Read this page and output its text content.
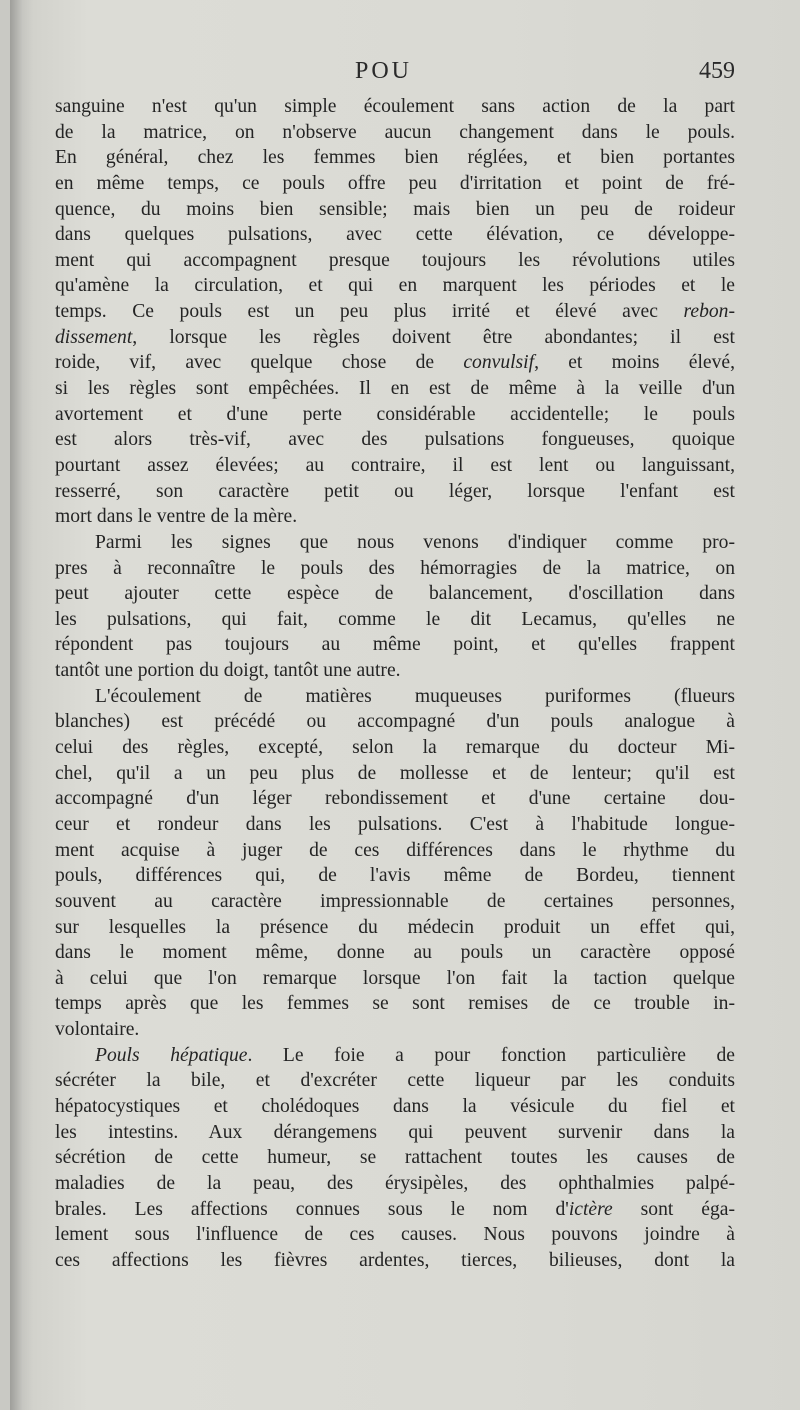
POU	459
sanguine n'est qu'un simple écoulement sans action de la part
de la matrice, on n'observe aucun changement dans le pouls.
En général, chez les femmes bien réglées, et bien portantes
en même temps, ce pouls offre peu d'irritation et point de fré-
quence, du moins bien sensible; mais bien un peu de roideur
dans quelques pulsations, avec cette élévation, ce développe-
ment qui accompagnent presque toujours les révolutions utiles
qu'amène la circulation, et qui en marquent les périodes et le
temps. Ce pouls est un peu plus irrité et élevé avec rebon-
dissement, lorsque les règles doivent être abondantes; il est
roide, vif, avec quelque chose de convulsif, et moins élevé,
si les règles sont empêchées. Il en est de même à la veille d'un
avortement et d'une perte considérable accidentelle; le pouls
est alors très-vif, avec des pulsations fongueuses, quoique
pourtant assez élevées; au contraire, il est lent ou languissant,
resserré, son caractère petit ou léger, lorsque l'enfant est
mort dans le ventre de la mère.
Parmi les signes que nous venons d'indiquer comme pro-
pres à reconnaître le pouls des hémorragies de la matrice, on
peut ajouter cette espèce de balancement, d'oscillation dans
les pulsations, qui fait, comme le dit Lecamus, qu'elles ne
répondent pas toujours au même point, et qu'elles frappent
tantôt une portion du doigt, tantôt une autre.
L'écoulement de matières muqueuses puriformes (flueurs
blanches) est précédé ou accompagné d'un pouls analogue à
celui des règles, excepté, selon la remarque du docteur Mi-
chel, qu'il a un peu plus de mollesse et de lenteur; qu'il est
accompagné d'un léger rebondissement et d'une certaine dou-
ceur et rondeur dans les pulsations. C'est à l'habitude longue-
ment acquise à juger de ces différences dans le rhythme du
pouls, différences qui, de l'avis même de Bordeu, tiennent
souvent au caractère impressionnable de certaines personnes,
sur lesquelles la présence du médecin produit un effet qui,
dans le moment même, donne au pouls un caractère opposé
à celui que l'on remarque lorsque l'on fait la taction quelque
temps après que les femmes se sont remises de ce trouble in-
volontaire.
Pouls hépatique. Le foie a pour fonction particulière de
sécréter la bile, et d'excréter cette liqueur par les conduits
hépatocystiques et cholédoques dans la vésicule du fiel et
les intestins. Aux dérangemens qui peuvent survenir dans la
sécrétion de cette humeur, se rattachent toutes les causes de
maladies de la peau, des érysipèles, des ophthalmies palpé-
brales. Les affections connues sous le nom d'ictère sont éga-
lement sous l'influence de ces causes. Nous pouvons joindre à
ces affections les fièvres ardentes, tierces, bilieuses, dont la
